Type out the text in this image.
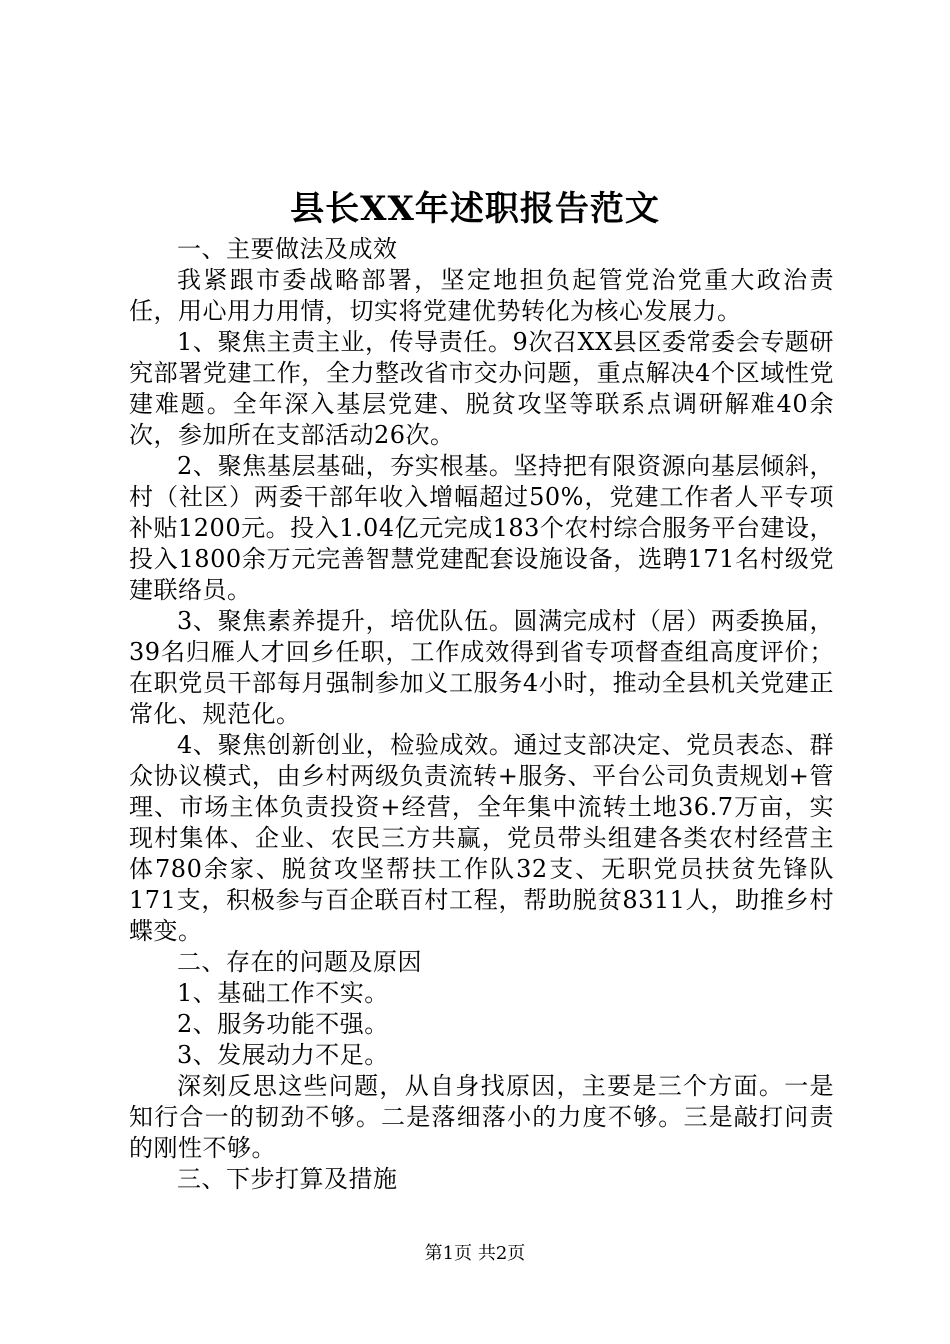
县长XX年述职报告范文

一、主要做法及成效

我紧跟市委战略部署，坚定地担负起管党治党重大政治责任，用心用力用情，切实将党建优势转化为核心发展力。

1、聚焦主责主业，传导责任。9次召XX县区委常委会专题研究部署党建工作，全力整改省市交办问题，重点解决4个区域性党建难题。全年深入基层党建、脱贫攻坚等联系点调研解难40余次，参加所在支部活动26次。

2、聚焦基层基础，夯实根基。坚持把有限资源向基层倾斜，村（社区）两委干部年收入增幅超过50%，党建工作者人平专项补贴1200元。投入1.04亿元完成183个农村综合服务平台建设，投入1800余万元完善智慧党建配套设施设备，选聘171名村级党建联络员。

3、聚焦素养提升，培优队伍。圆满完成村（居）两委换届，39名归雁人才回乡任职，工作成效得到省专项督查组高度评价；在职党员干部每月强制参加义工服务4小时，推动全县机关党建正常化、规范化。

4、聚焦创新创业，检验成效。通过支部决定、党员表态、群众协议模式，由乡村两级负责流转+服务、平台公司负责规划+管理、市场主体负责投资+经营，全年集中流转土地36.7万亩，实现村集体、企业、农民三方共赢，党员带头组建各类农村经营主体780余家、脱贫攻坚帮扶工作队32支、无职党员扶贫先锋队171支，积极参与百企联百村工程，帮助脱贫8311人，助推乡村蝶变。

二、存在的问题及原因

1、基础工作不实。

2、服务功能不强。

3、发展动力不足。

深刻反思这些问题，从自身找原因，主要是三个方面。一是知行合一的韧劲不够。二是落细落小的力度不够。三是敲打问责的刚性不够。

三、下步打算及措施

第1页 共2页
